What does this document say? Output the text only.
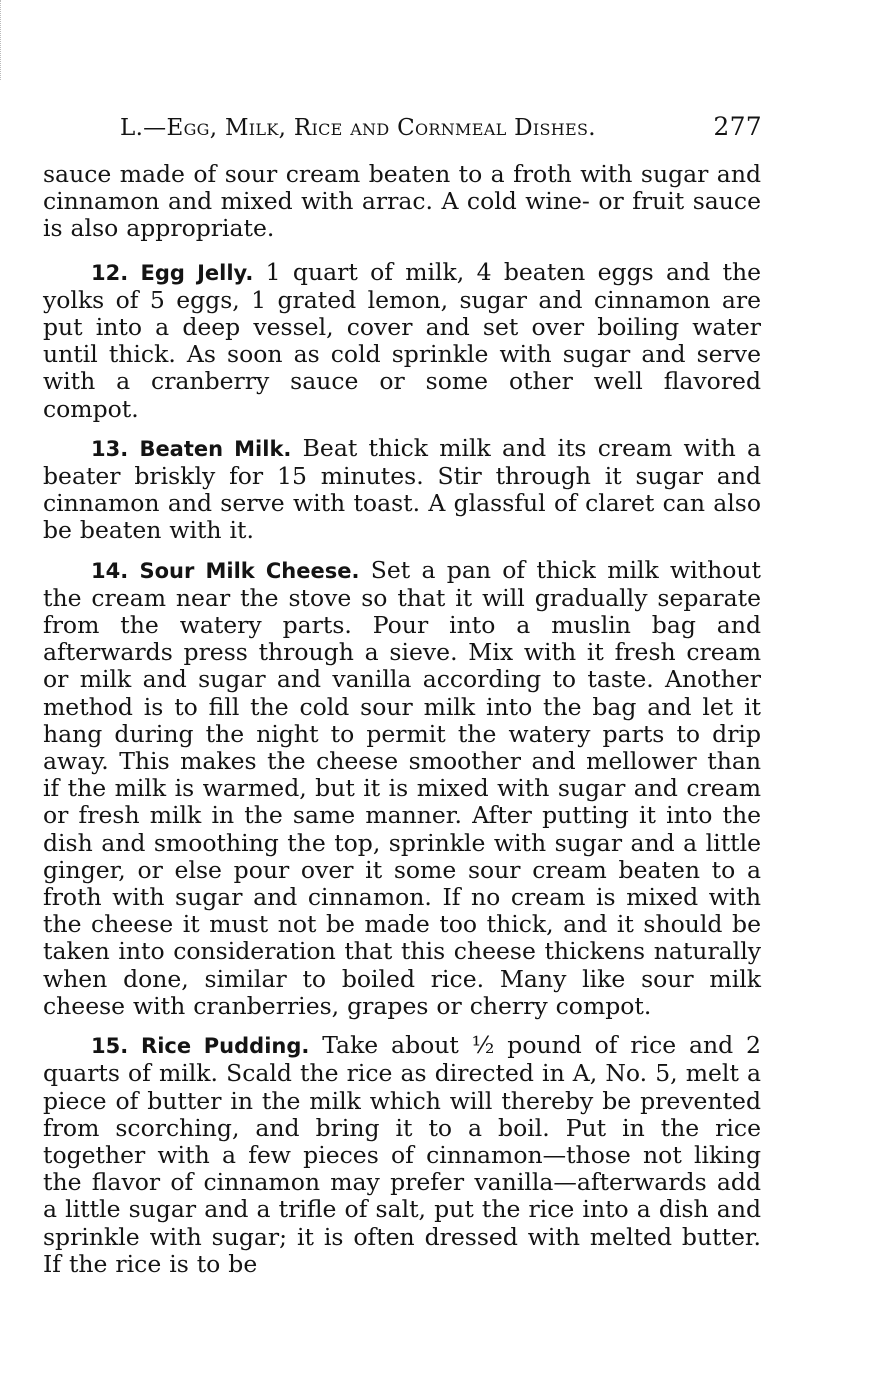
L.—Egg, Milk, Rice and Cornmeal Dishes.	277

sauce made of sour cream beaten to a froth with sugar and cinnamon and mixed with arrac. A cold wine- or fruit sauce is also appropriate.

12. Egg Jelly. 1 quart of milk, 4 beaten eggs and the yolks of 5 eggs, 1 grated lemon, sugar and cinnamon are put into a deep vessel, cover and set over boiling water until thick. As soon as cold sprinkle with sugar and serve with a cranberry sauce or some other well flavored compot.

13. Beaten Milk. Beat thick milk and its cream with a beater briskly for 15 minutes. Stir through it sugar and cinnamon and serve with toast. A glassful of claret can also be beaten with it.

14. Sour Milk Cheese. Set a pan of thick milk without the cream near the stove so that it will gradually separate from the watery parts. Pour into a muslin bag and afterwards press through a sieve. Mix with it fresh cream or milk and sugar and vanilla according to taste. Another method is to fill the cold sour milk into the bag and let it hang during the night to permit the watery parts to drip away. This makes the cheese smoother and mellower than if the milk is warmed, but it is mixed with sugar and cream or fresh milk in the same manner. After putting it into the dish and smoothing the top, sprinkle with sugar and a little ginger, or else pour over it some sour cream beaten to a froth with sugar and cinnamon. If no cream is mixed with the cheese it must not be made too thick, and it should be taken into consideration that this cheese thickens naturally when done, similar to boiled rice. Many like sour milk cheese with cranberries, grapes or cherry compot.

15. Rice Pudding. Take about ½ pound of rice and 2 quarts of milk. Scald the rice as directed in A, No. 5, melt a piece of butter in the milk which will thereby be prevented from scorching, and bring it to a boil. Put in the rice together with a few pieces of cinnamon—those not liking the flavor of cinnamon may prefer vanilla—afterwards add a little sugar and a trifle of salt, put the rice into a dish and sprinkle with sugar; it is often dressed with melted butter. If the rice is to be
